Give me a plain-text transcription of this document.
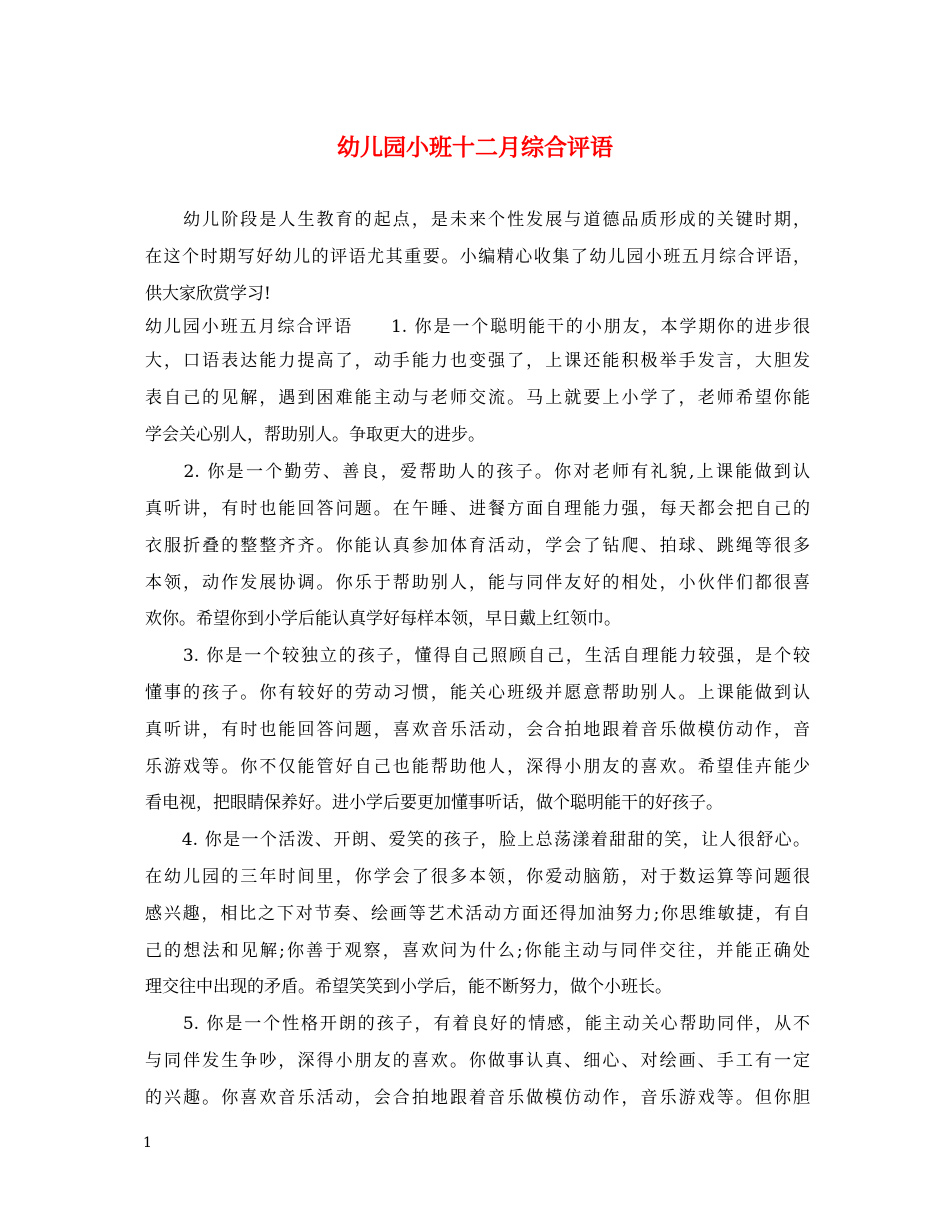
幼儿园小班十二月综合评语
　　幼儿阶段是人生教育的起点，是未来个性发展与道德品质形成的关键时期，
在这个时期写好幼儿的评语尤其重要。小编精心收集了幼儿园小班五月综合评语，
供大家欣赏学习!
幼儿园小班五月综合评语　　1. 你是一个聪明能干的小朋友，本学期你的进步很
大，口语表达能力提高了，动手能力也变强了，上课还能积极举手发言，大胆发
表自己的见解，遇到困难能主动与老师交流。马上就要上小学了，老师希望你能
学会关心别人，帮助别人。争取更大的进步。
　　2. 你是一个勤劳、善良，爱帮助人的孩子。你对老师有礼貌,上课能做到认
真听讲，有时也能回答问题。在午睡、进餐方面自理能力强，每天都会把自己的
衣服折叠的整整齐齐。你能认真参加体育活动，学会了钻爬、拍球、跳绳等很多
本领，动作发展协调。你乐于帮助别人，能与同伴友好的相处，小伙伴们都很喜
欢你。希望你到小学后能认真学好每样本领，早日戴上红领巾。
　　3. 你是一个较独立的孩子，懂得自己照顾自己，生活自理能力较强，是个较
懂事的孩子。你有较好的劳动习惯，能关心班级并愿意帮助别人。上课能做到认
真听讲，有时也能回答问题，喜欢音乐活动，会合拍地跟着音乐做模仿动作，音
乐游戏等。你不仅能管好自己也能帮助他人，深得小朋友的喜欢。希望佳卉能少
看电视，把眼睛保养好。进小学后要更加懂事听话，做个聪明能干的好孩子。
　　4. 你是一个活泼、开朗、爱笑的孩子，脸上总荡漾着甜甜的笑，让人很舒心。
在幼儿园的三年时间里，你学会了很多本领，你爱动脑筋，对于数运算等问题很
感兴趣，相比之下对节奏、绘画等艺术活动方面还得加油努力;你思维敏捷，有自
己的想法和见解;你善于观察，喜欢问为什么;你能主动与同伴交往，并能正确处
理交往中出现的矛盾。希望笑笑到小学后，能不断努力，做个小班长。
　　5. 你是一个性格开朗的孩子，有着良好的情感，能主动关心帮助同伴，从不
与同伴发生争吵，深得小朋友的喜欢。你做事认真、细心、对绘画、手工有一定
的兴趣。你喜欢音乐活动，会合拍地跟着音乐做模仿动作，音乐游戏等。但你胆
1
